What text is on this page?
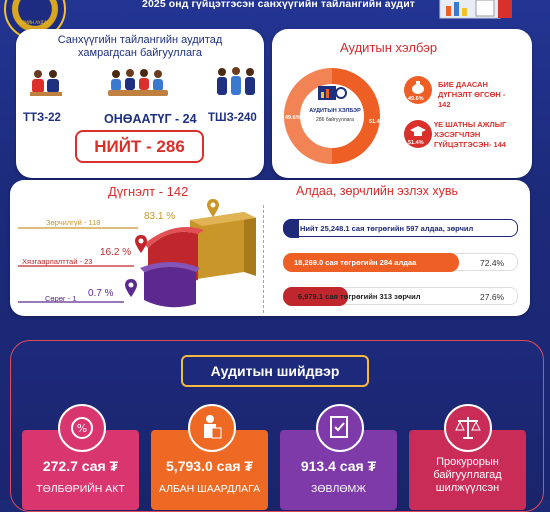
ТӨРИЙН АУДИТ
2025 онд гүйцэтгэсэн санхүүгийн тайлангийн аудит
Санхүүгийн тайлангийн аудитад
хамрагдсан байгууллага
ТТЗ-22	ОНӨААТҮГ - 24 ТШЗ-240
НИЙТ - 286
Аудитын хэлбэр
АУДИТЫН ХЭЛБЭР
286 байгууллага
49.6%
51.4%
49.6%
БИЕ ДААСАН ДҮГНЭЛТ ӨГСӨН - 142
51.4%
ҮЕ ШАТНЫ АЖЛЫГ ХЭСЭГЧЛЭН ГҮЙЦЭТГЭСЭН- 144
Дүгнэлт - 142
Зөрчилгүй - 118
83.1 %
Хязгаарлалттай - 23
16.2 %
Сөрөг - 1 0.7 %
Алдаа, зөрчлийн эзлэх хувь
Нийт 25,248.1 сая төгрөгийн 597 алдаа, зөрчил
18,269.0 сая төгрөгийн 284 алдаа	72.4%
6,979.1 сая төгрөгийн 313 зөрчил	27.6%
Аудитын шийдвэр
%
272.7 сая ₮
ТӨЛБӨРИЙН АКТ
5,793.0 сая ₮
АЛБАН ШААРДЛАГА
913.4 сая ₮
ЗӨВЛӨМЖ
Прокурорын байгууллагад шилжүүлсэн
